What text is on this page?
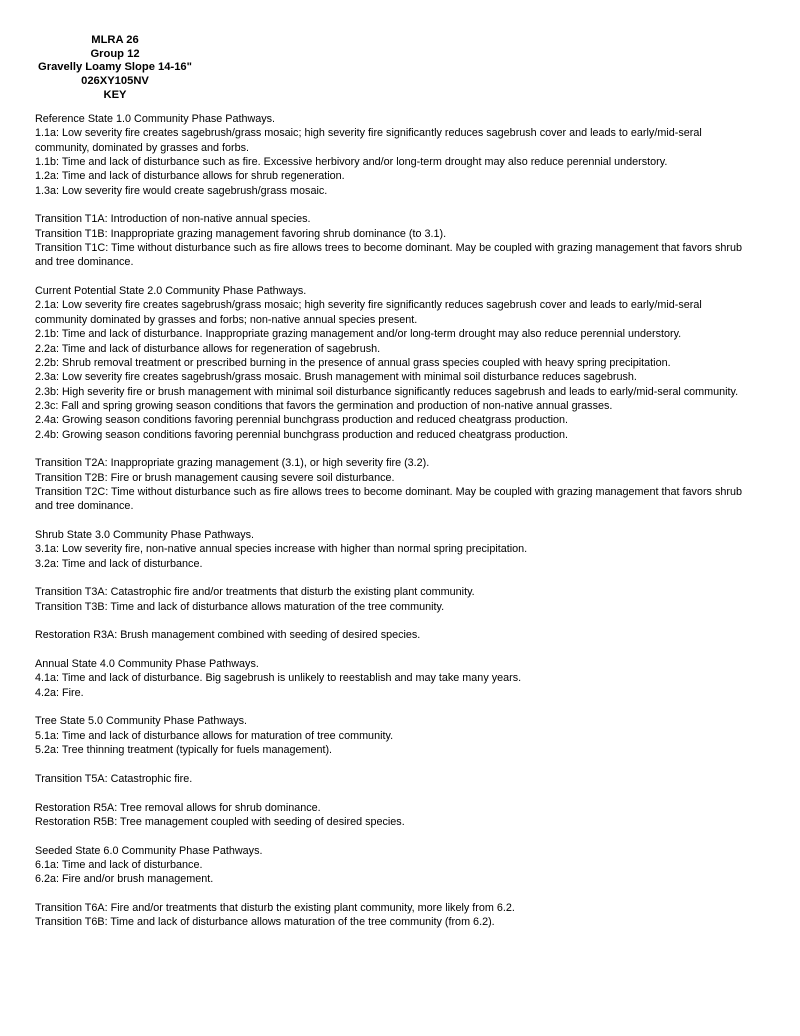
MLRA 26
Group 12
Gravelly Loamy Slope 14-16"
026XY105NV
KEY
Reference State 1.0 Community Phase Pathways.
1.1a: Low severity fire creates sagebrush/grass mosaic; high severity fire significantly reduces sagebrush cover and leads to early/mid-seral community, dominated by grasses and forbs.
1.1b: Time and lack of disturbance such as fire. Excessive herbivory and/or long-term drought may also reduce perennial understory.
1.2a: Time and lack of disturbance allows for shrub regeneration.
1.3a: Low severity fire would create sagebrush/grass mosaic.
Transition T1A: Introduction of non-native annual species.
Transition T1B: Inappropriate grazing management favoring shrub dominance (to 3.1).
Transition T1C: Time without disturbance such as fire allows trees to become dominant. May be coupled with grazing management that favors shrub and tree dominance.
Current Potential State 2.0 Community Phase Pathways.
2.1a: Low severity fire creates sagebrush/grass mosaic; high severity fire significantly reduces sagebrush cover and leads to early/mid-seral community dominated by grasses and forbs; non-native annual species present.
2.1b: Time and lack of disturbance. Inappropriate grazing management and/or long-term drought may also reduce perennial understory.
2.2a: Time and lack of disturbance allows for regeneration of sagebrush.
2.2b: Shrub removal treatment or prescribed burning in the presence of annual grass species coupled with heavy spring precipitation.
2.3a: Low severity fire creates sagebrush/grass mosaic. Brush management with minimal soil disturbance reduces sagebrush.
2.3b: High severity fire or brush management with minimal soil disturbance significantly reduces sagebrush and leads to early/mid-seral community.
2.3c: Fall and spring growing season conditions that favors the germination and production of non-native annual grasses.
2.4a: Growing season conditions favoring perennial bunchgrass production and reduced cheatgrass production.
2.4b: Growing season conditions favoring perennial bunchgrass production and reduced cheatgrass production.
Transition T2A: Inappropriate grazing management (3.1), or high severity fire (3.2).
Transition T2B: Fire or brush management causing severe soil disturbance.
Transition T2C: Time without disturbance such as fire allows trees to become dominant. May be coupled with grazing management that favors shrub and tree dominance.
Shrub State 3.0 Community Phase Pathways.
3.1a: Low severity fire, non-native annual species increase with higher than normal spring precipitation.
3.2a: Time and lack of disturbance.
Transition T3A: Catastrophic fire and/or treatments that disturb the existing plant community.
Transition T3B: Time and lack of disturbance allows maturation of the tree community.
Restoration R3A: Brush management combined with seeding of desired species.
Annual State 4.0 Community Phase Pathways.
4.1a: Time and lack of disturbance. Big sagebrush is unlikely to reestablish and may take many years.
4.2a: Fire.
Tree State 5.0 Community Phase Pathways.
5.1a: Time and lack of disturbance allows for maturation of tree community.
5.2a: Tree thinning treatment (typically for fuels management).
Transition T5A: Catastrophic fire.
Restoration R5A: Tree removal allows for shrub dominance.
Restoration R5B: Tree management coupled with seeding of desired species.
Seeded State 6.0 Community Phase Pathways.
6.1a: Time and lack of disturbance.
6.2a: Fire and/or brush management.
Transition T6A: Fire and/or treatments that disturb the existing plant community, more likely from 6.2.
Transition T6B: Time and lack of disturbance allows maturation of the tree community (from 6.2).
